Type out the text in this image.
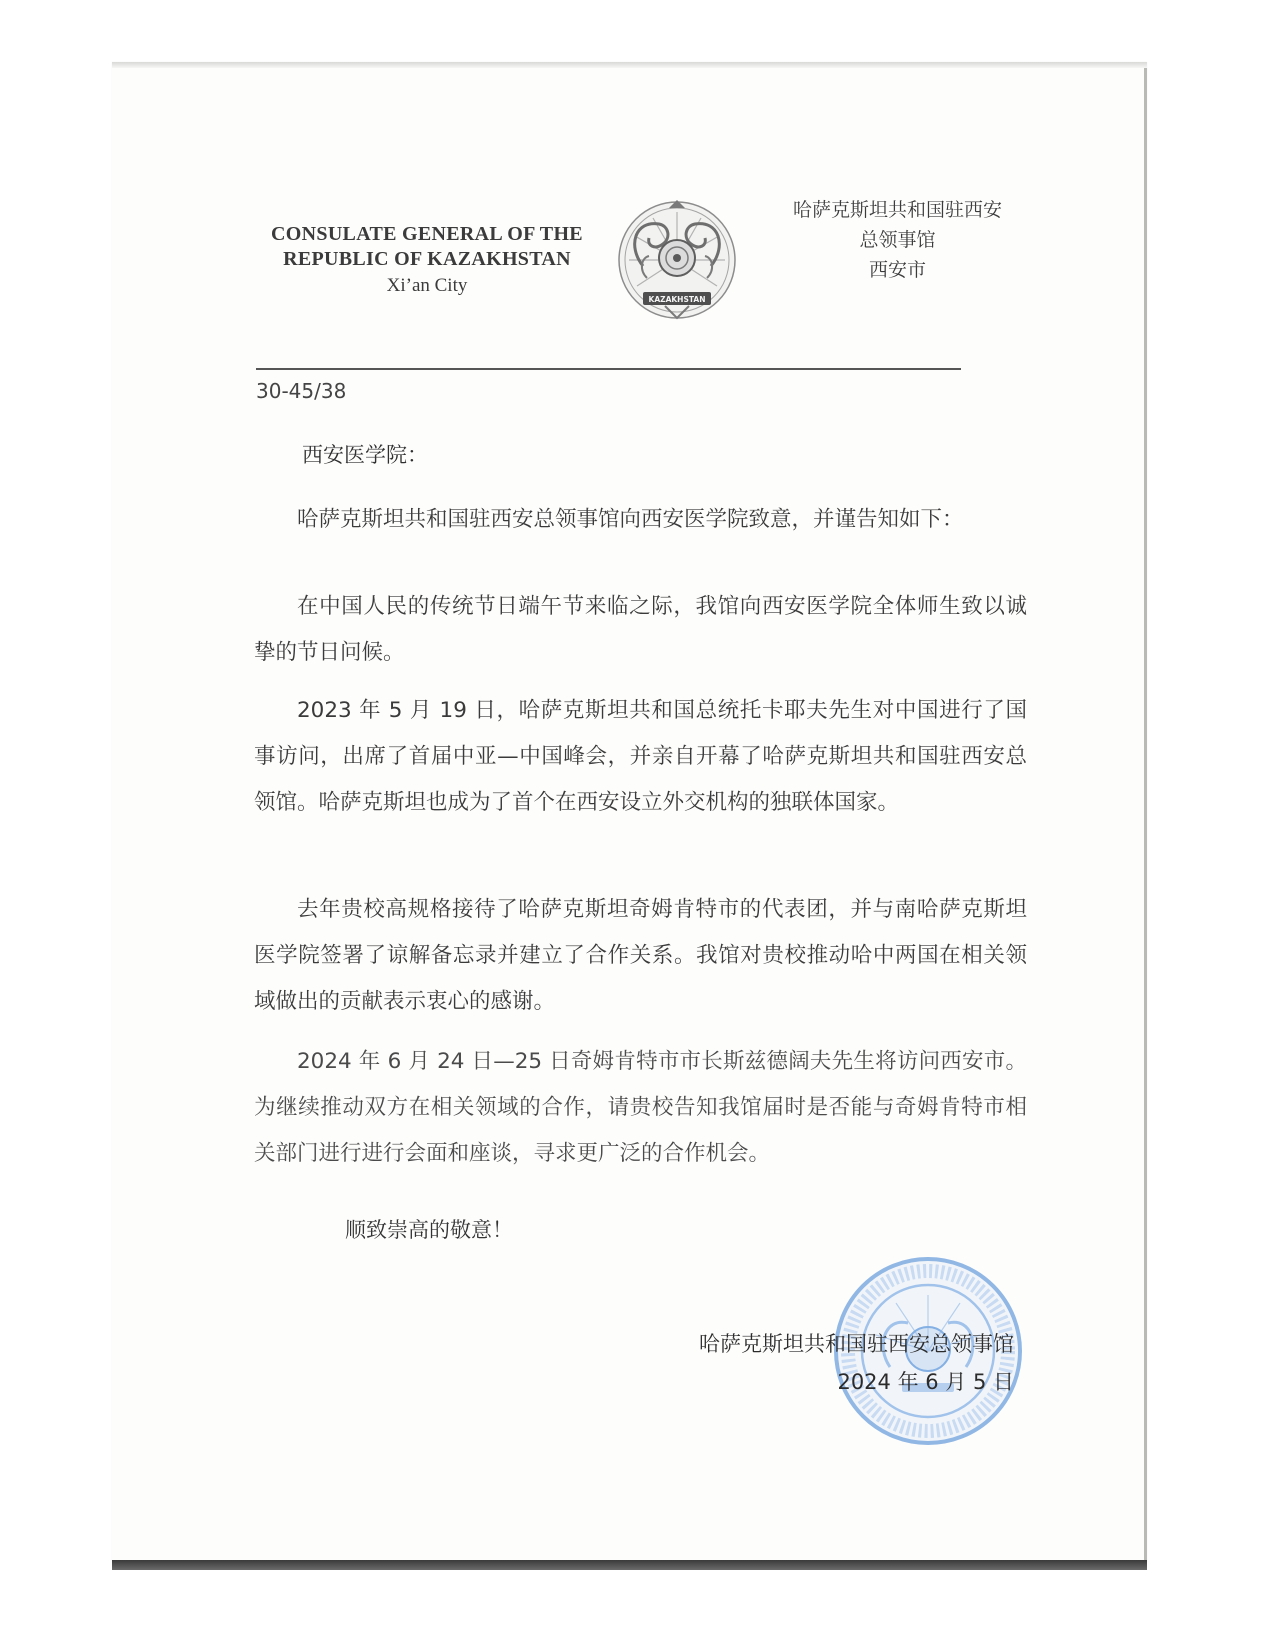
CONSULATE GENERAL OF THE
REPUBLIC OF KAZAKHSTAN
Xi’an City
KAZAKHSTAN
哈萨克斯坦共和国驻西安
总领事馆
西安市
30-45/38
西安医学院：

哈萨克斯坦共和国驻西安总领事馆向西安医学院致意，并谨告知如下：

在中国人民的传统节日端午节来临之际，我馆向西安医学院全体师生致以诚挚的节日问候。

2023 年 5 月 19 日，哈萨克斯坦共和国总统托卡耶夫先生对中国进行了国事访问，出席了首届中亚—中国峰会，并亲自开幕了哈萨克斯坦共和国驻西安总领馆。哈萨克斯坦也成为了首个在西安设立外交机构的独联体国家。

去年贵校高规格接待了哈萨克斯坦奇姆肯特市的代表团，并与南哈萨克斯坦医学院签署了谅解备忘录并建立了合作关系。我馆对贵校推动哈中两国在相关领域做出的贡献表示衷心的感谢。

2024 年 6 月 24 日—25 日奇姆肯特市市长斯兹德阔夫先生将访问西安市。为继续推动双方在相关领域的合作，请贵校告知我馆届时是否能与奇姆肯特市相关部门进行进行会面和座谈，寻求更广泛的合作机会。

顺致崇高的敬意！
哈萨克斯坦共和国驻西安总领事馆
2024 年 6 月 5 日
